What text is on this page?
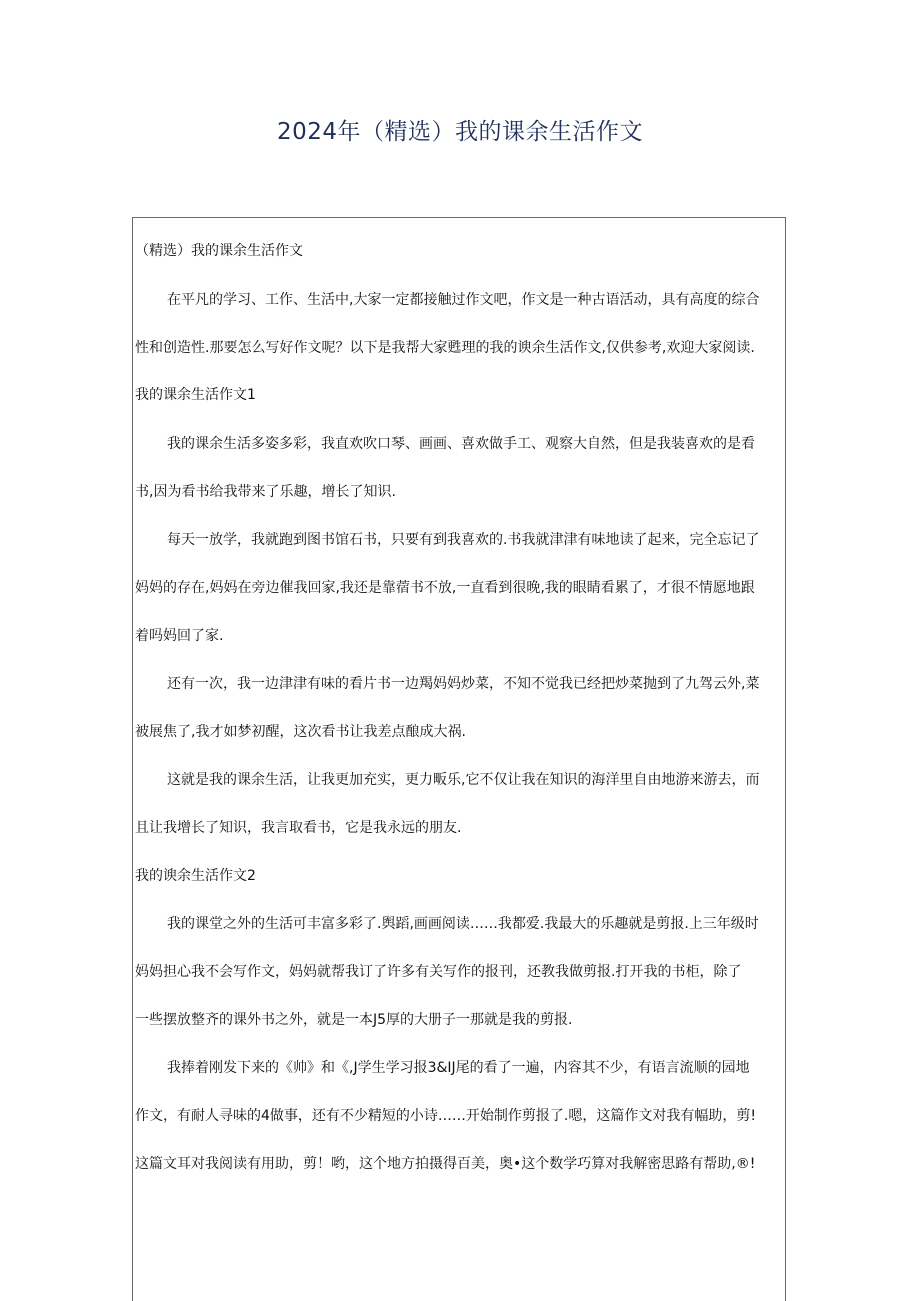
2024年（精选）我的课余生活作文
（精选）我的课余生活作文
在平凡的学习、工作、生活中,大家一定都接触过作文吧，作文是一种古语活动，具有高度的综合
性和创造性.那要怎么写好作文呢？以下是我帮大家甦理的我的谀余生活作文,仅供参考,欢迎大家阅读.
我的课余生活作文1
我的课余生活多姿多彩，我直欢吹口琴、画画、喜欢做手工、观察大自然，但是我装喜欢的是看
书,因为看书给我带来了乐趣，增长了知识.
每天一放学，我就跑到图书馆石书，只要有到我喜欢的.书我就津津有味地读了起来，完全忘记了
妈妈的存在,妈妈在旁边催我回家,我还是靠蓿书不放,一直看到很晚,我的眼睛看累了，才很不情愿地跟
着吗妈回了家.
还有一次，我一边津津有味的看片书一边羯妈妈炒菜，不知不觉我已经把炒菜抛到了九驾云外,菜
被展焦了,我才如梦初醒，这次看书让我差点酿成大祸.
这就是我的课余生活，让我更加充实，更力畈乐,它不仅让我在知识的海洋里自由地游来游去，而
且让我增长了知识，我言取看书，它是我永远的朋友.
我的谀余生活作文2
我的课堂之外的生活可丰富多彩了.舆蹈,画画阅读……我都爱.我最大的乐趣就是剪报.上三年级时
妈妈担心我不会写作文，妈妈就帮我订了许多有关写作的报刊，还教我做剪报.打开我的书柜，除了
一些摆放整齐的课外书之外，就是一本J5厚的大册子一那就是我的剪报.
我捧着刚发下来的《帅》和《,J学生学习报3&IJ尾的看了一遍，内容其不少，有语言流顺的园地
作文，有耐人寻味的4做事，还有不少精短的小诗……开始制作剪报了.嗯，这篇作文对我有幅助，剪!
这篇文耳对我阅读有用助，剪！哟，这个地方拍摄得百美，奥•这个数学巧算对我解密思路有帮助,®!
